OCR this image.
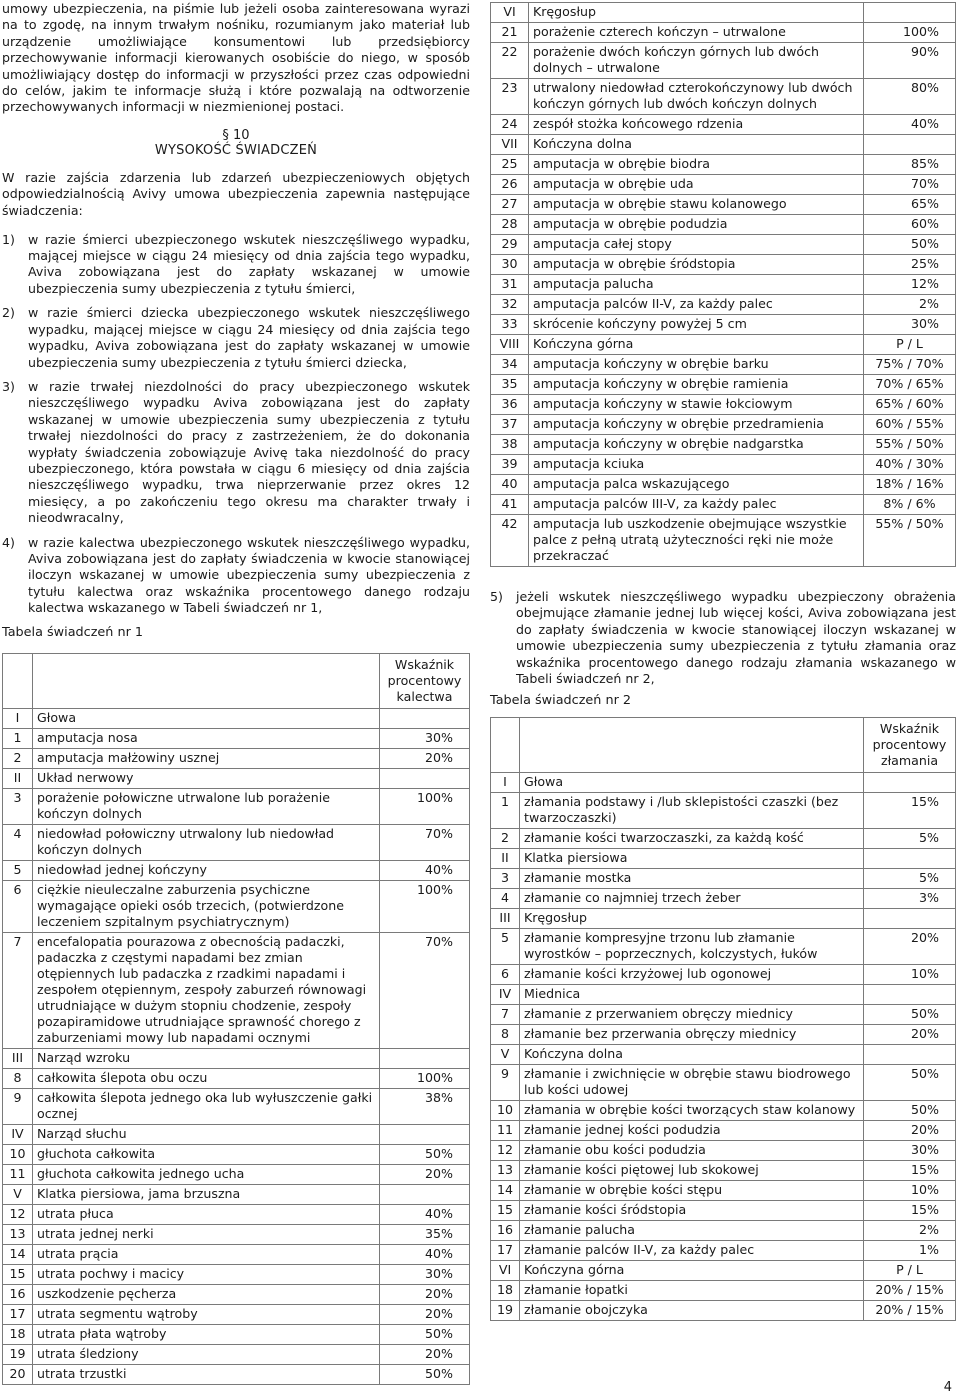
umowy ubezpieczenia, na piśmie lub jeżeli osoba zainteresowana wyrazi na to zgodę, na innym trwałym nośniku, rozumianym jako materiał lub urządzenie umożliwiające konsumentowi lub przedsiębiorcy przechowywanie informacji kierowanych osobiście do niego, w sposób umożliwiający dostęp do informacji w przyszłości przez czas odpowiedni do celów, jakim te informacje służą i które pozwalają na odtworzenie przechowywanych informacji w niezmienionej postaci.

§ 10
WYSOKOŚĆ ŚWIADCZEŃ

W razie zajścia zdarzenia lub zdarzeń ubezpieczeniowych objętych odpowiedzialnością Avivy umowa ubezpieczenia zapewnia następujące świadczenia:

1) w razie śmierci ubezpieczonego wskutek nieszczęśliwego wypadku, mającej miejsce w ciągu 24 miesięcy od dnia zajścia tego wypadku, Aviva zobowiązana jest do zapłaty wskazanej w umowie ubezpieczenia sumy ubezpieczenia z tytułu śmierci,
2) w razie śmierci dziecka ubezpieczonego wskutek nieszczęśliwego wypadku, mającej miejsce w ciągu 24 miesięcy od dnia zajścia tego wypadku, Aviva zobowiązana jest do zapłaty wskazanej w umowie ubezpieczenia sumy ubezpieczenia z tytułu śmierci dziecka,
3) w razie trwałej niezdolności do pracy ubezpieczonego wskutek nieszczęśliwego wypadku Aviva zobowiązana jest do zapłaty wskazanej w umowie ubezpieczenia sumy ubezpieczenia z tytułu trwałej niezdolności do pracy z zastrzeżeniem, że do dokonania wypłaty świadczenia zobowiązuje Avivę taka niezdolność do pracy ubezpieczonego, która powstała w ciągu 6 miesięcy od dnia zajścia nieszczęśliwego wypadku, trwa nieprzerwanie przez okres 12 miesięcy, a po zakończeniu tego okresu ma charakter trwały i nieodwracalny,
4) w razie kalectwa ubezpieczonego wskutek nieszczęśliwego wypadku, Aviva zobowiązana jest do zapłaty świadczenia w kwocie stanowiącej iloczyn wskazanej w umowie ubezpieczenia sumy ubezpieczenia z tytułu kalectwa oraz wskaźnika procentowego danego rodzaju kalectwa wskazanego w Tabeli świadczeń nr 1,
Tabela świadczeń nr 1
		Wskaźnik procentowy kalectwa
I	Głowa	
1	amputacja nosa	30%
2	amputacja małżowiny usznej	20%
II	Układ nerwowy	
3	porażenie połowiczne utrwalone lub porażenie kończyn dolnych	100%
4	niedowład połowiczny utrwalony lub niedowład kończyn dolnych	70%
5	niedowład jednej kończyny	40%
6	ciężkie nieuleczalne zaburzenia psychiczne wymagające opieki osób trzecich, (potwierdzone leczeniem szpitalnym psychiatrycznym)	100%
7	encefalopatia pourazowa z obecnością padaczki, padaczka z częstymi napadami bez zmian otępiennych lub padaczka z rzadkimi napadami i zespołem otępiennym, zespoły zaburzeń równowagi utrudniające w dużym stopniu chodzenie, zespoły pozapiramidowe utrudniające sprawność chorego z zaburzeniami mowy lub napadami ocznymi	70%
III	Narząd wzroku	
8	całkowita ślepota obu oczu	100%
9	całkowita ślepota jednego oka lub wyłuszczenie gałki ocznej	38%
IV	Narząd słuchu	
10	głuchota całkowita	50%
11	głuchota całkowita jednego ucha	20%
V	Klatka piersiowa, jama brzuszna	
12	utrata płuca	40%
13	utrata jednej nerki	35%
14	utrata prącia	40%
15	utrata pochwy i macicy	30%
16	uszkodzenie pęcherza	20%
17	utrata segmentu wątroby	20%
18	utrata płata wątroby	50%
19	utrata śledziony	20%
20	utrata trzustki	50%
VI	Kręgosłup	
21	porażenie czterech kończyn – utrwalone	100%
22	porażenie dwóch kończyn górnych lub dwóch dolnych – utrwalone	90%
23	utrwalony niedowład czterokończynowy lub dwóch kończyn górnych lub dwóch kończyn dolnych	80%
24	zespół stożka końcowego rdzenia	40%
VII	Kończyna dolna	
25	amputacja w obrębie biodra	85%
26	amputacja w obrębie uda	70%
27	amputacja w obrębie stawu kolanowego	65%
28	amputacja w obrębie podudzia	60%
29	amputacja całej stopy	50%
30	amputacja w obrębie śródstopia	25%
31	amputacja palucha	12%
32	amputacja palców II-V, za każdy palec	2%
33	skrócenie kończyny powyżej 5 cm	30%
VIII	Kończyna górna	P / L
34	amputacja kończyny w obrębie barku	75% / 70%
35	amputacja kończyny w obrębie ramienia	70% / 65%
36	amputacja kończyny w stawie łokciowym	65% / 60%
37	amputacja kończyny w obrębie przedramienia	60% / 55%
38	amputacja kończyny w obrębie nadgarstka	55% / 50%
39	amputacja kciuka	40% / 30%
40	amputacja palca wskazującego	18% / 16%
41	amputacja palców III-V, za każdy palec	8% / 6%
42	amputacja lub uszkodzenie obejmujące wszystkie palce z pełną utratą użyteczności ręki nie może przekraczać	55% / 50%
5) jeżeli wskutek nieszczęśliwego wypadku ubezpieczony obrażenia obejmujące złamanie jednej lub więcej kości, Aviva zobowiązana jest do zapłaty świadczenia w kwocie stanowiącej iloczyn wskazanej w umowie ubezpieczenia sumy ubezpieczenia z tytułu złamania oraz wskaźnika procentowego danego rodzaju złamania wskazanego w Tabeli świadczeń nr 2,
Tabela świadczeń nr 2
		Wskaźnik procentowy złamania
I	Głowa	
1	złamania podstawy i /lub sklepistości czaszki (bez twarzoczaszki)	15%
2	złamanie kości twarzoczaszki, za każdą kość	5%
II	Klatka piersiowa	
3	złamanie mostka	5%
4	złamanie co najmniej trzech żeber	3%
III	Kręgosłup	
5	złamanie kompresyjne trzonu lub złamanie wyrostków – poprzecznych, kolczystych, łuków	20%
6	złamanie kości krzyżowej lub ogonowej	10%
IV	Miednica	
7	złamanie z przerwaniem obręczy miednicy	50%
8	złamanie bez przerwania obręczy miednicy	20%
V	Kończyna dolna	
9	złamanie i zwichnięcie w obrębie stawu biodrowego lub kości udowej	50%
10	złamania w obrębie kości tworzących staw kolanowy	50%
11	złamanie jednej kości podudzia	20%
12	złamanie obu kości podudzia	30%
13	złamanie kości piętowej lub skokowej	15%
14	złamanie w obrębie kości stępu	10%
15	złamanie kości śródstopia	15%
16	złamanie palucha	2%
17	złamanie palców II-V, za każdy palec	1%
VI	Kończyna górna	P / L
18	złamanie łopatki	20% / 15%
19	złamanie obojczyka	20% / 15%
4
